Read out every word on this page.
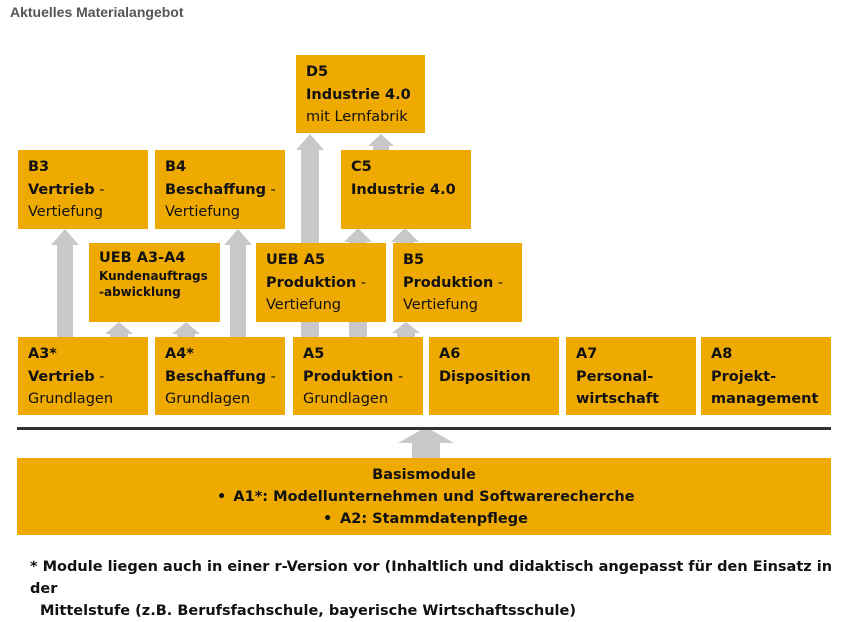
Aktuelles Materialangebot
D5
Industrie 4.0
mit Lernfabrik
B3
Vertrieb -
Vertiefung
B4
Beschaffung -
Vertiefung
C5
Industrie 4.0
UEB A3-A4
Kundenauftrags
-abwicklung
UEB A5
Produktion -
Vertiefung
B5
Produktion -
Vertiefung
A3*
Vertrieb -
Grundlagen
A4*
Beschaffung -
Grundlagen
A5
Produktion -
Grundlagen
A6
Disposition
A7
Personal-
wirtschaft
A8
Projekt-
management
Basismodule
• A1*: Modellunternehmen und Softwarerecherche
• A2: Stammdatenpflege
* Module liegen auch in einer r-Version vor (Inhaltlich und didaktisch angepasst für den Einsatz in der
Mittelstufe (z.B. Berufsfachschule, bayerische Wirtschaftsschule)
